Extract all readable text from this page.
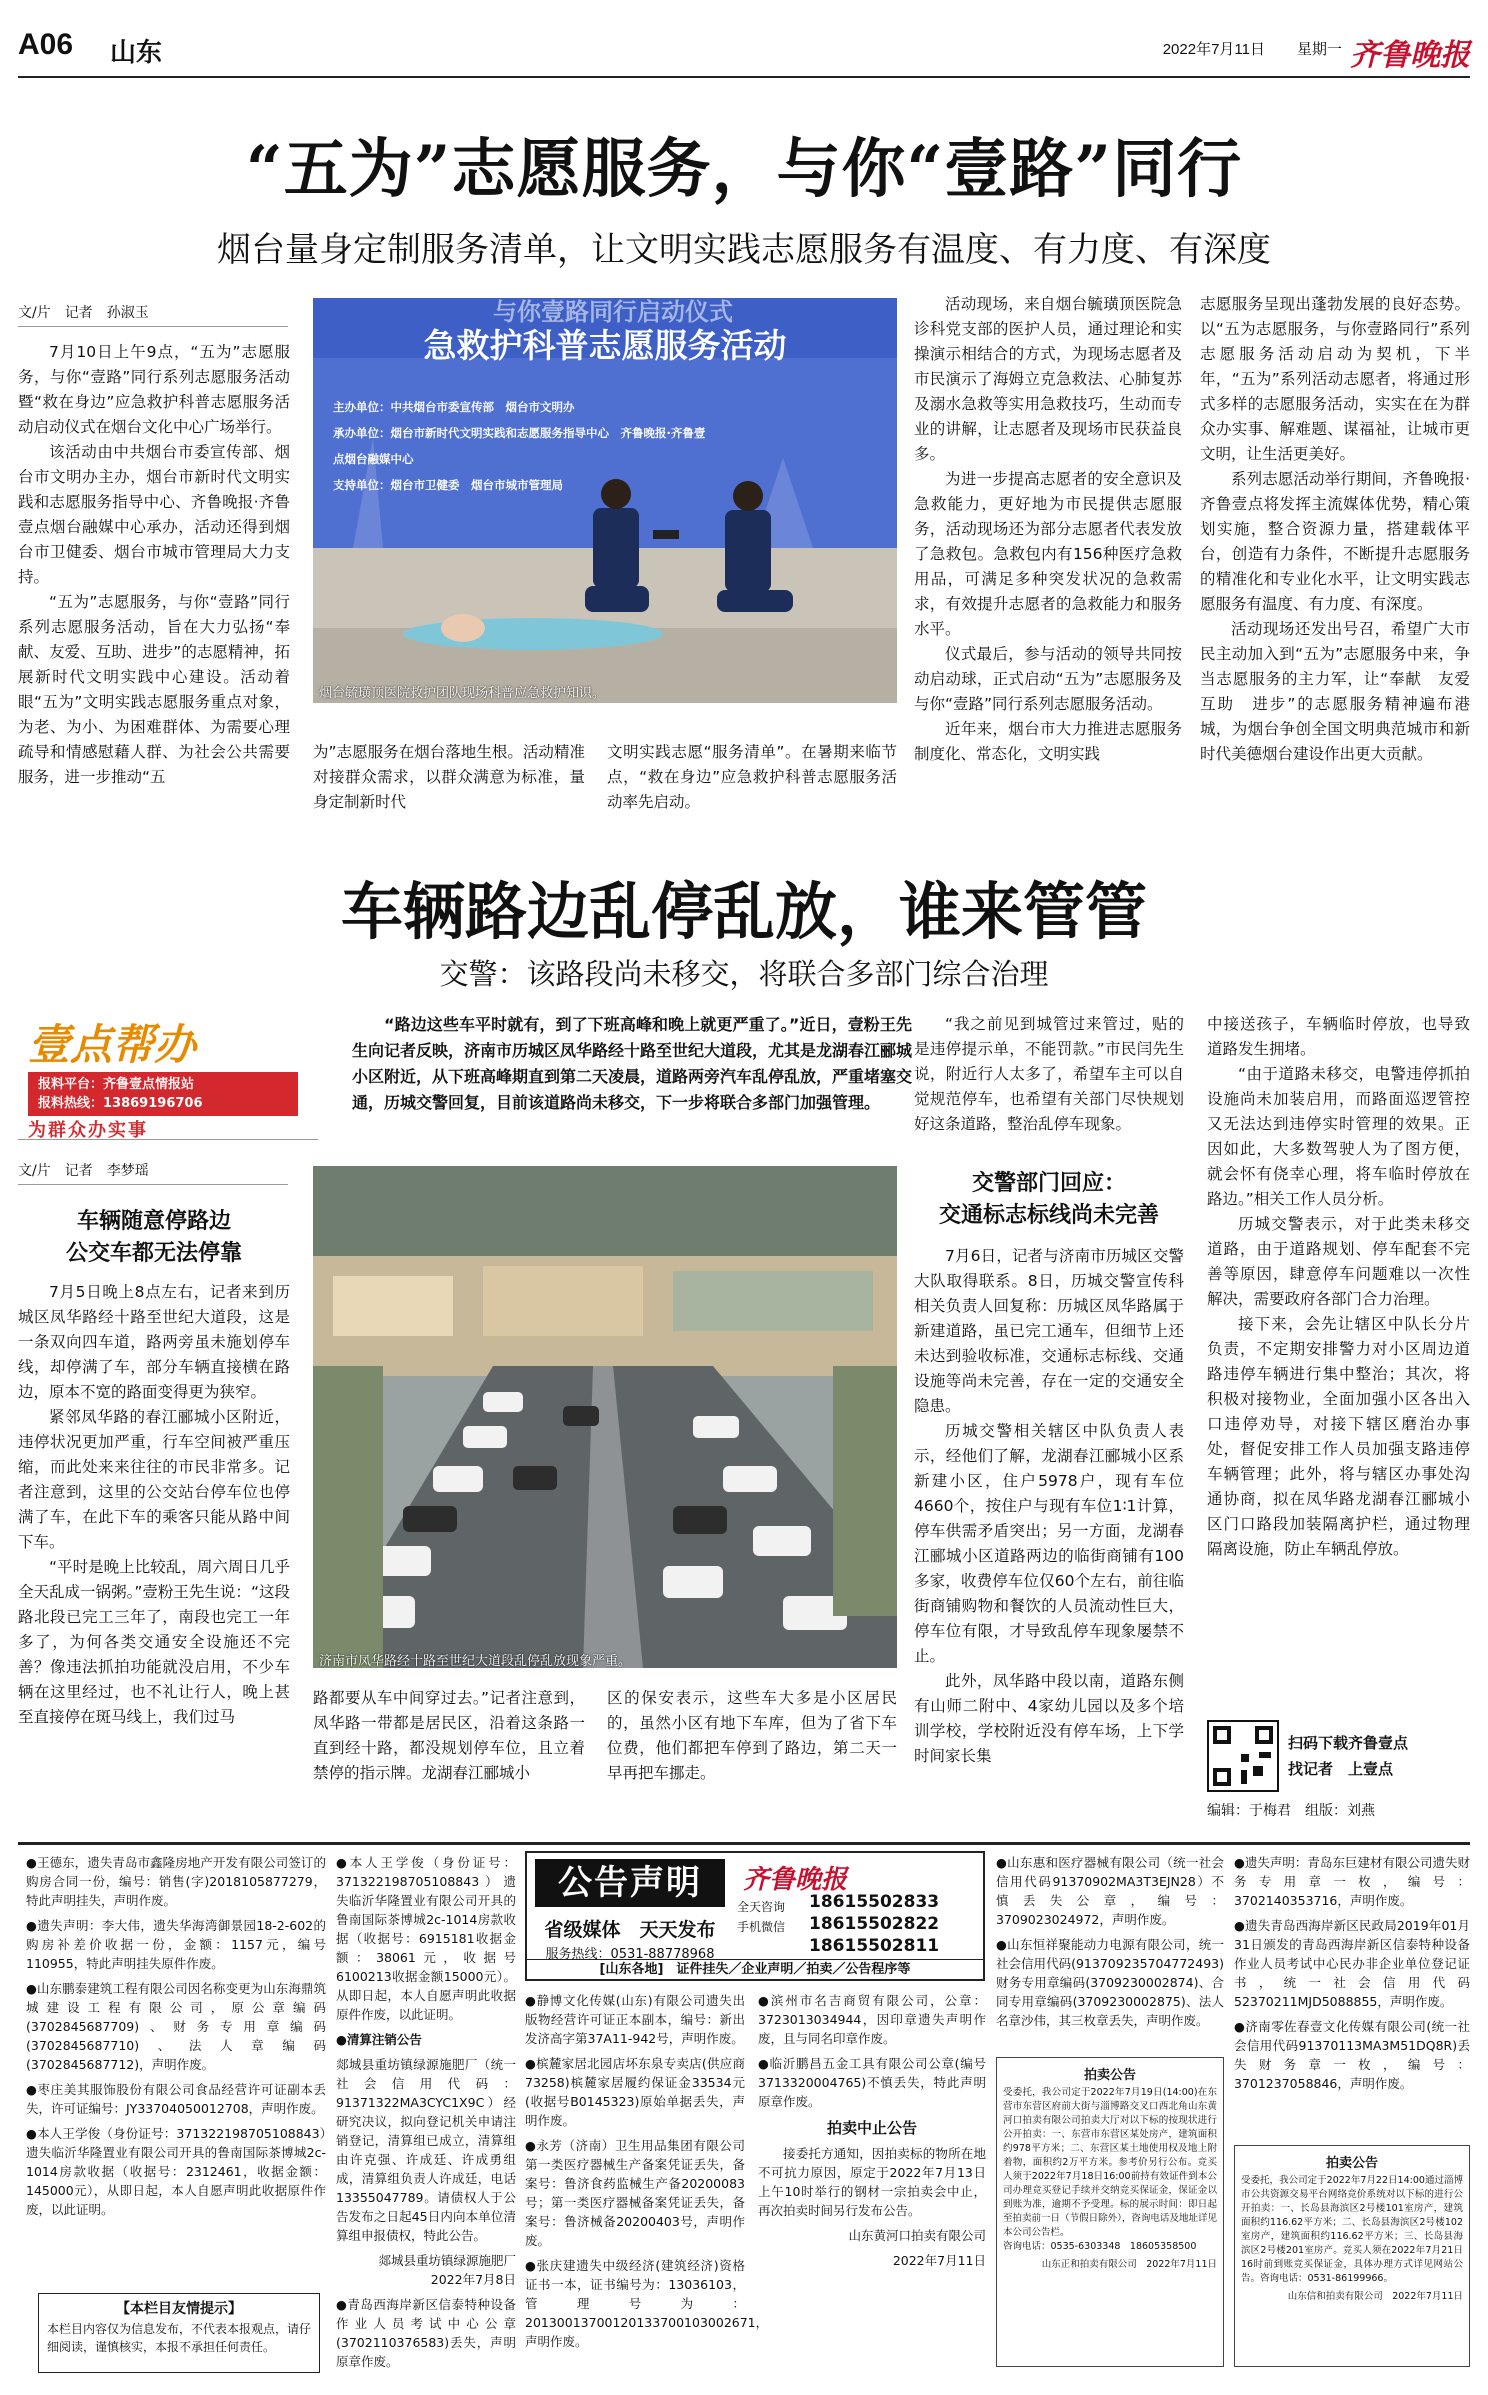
A06 山东	2022年7月11日 星期一 齐鲁晚报
“五为”志愿服务，与你“壹路”同行
烟台量身定制服务清单，让文明实践志愿服务有温度、有力度、有深度
文/片　记者　孙淑玉

7月10日上午9点，“五为”志愿服务，与你“壹路”同行系列志愿服务活动暨“救在身边”应急救护科普志愿服务活动启动仪式在烟台文化中心广场举行。

该活动由中共烟台市委宣传部、烟台市文明办主办，烟台市新时代文明实践和志愿服务指导中心、齐鲁晚报·齐鲁壹点烟台融媒中心承办，活动还得到烟台市卫健委、烟台市城市管理局大力支持。

“五为”志愿服务，与你“壹路”同行系列志愿服务活动，旨在大力弘扬“奉献、友爱、互助、进步”的志愿精神，拓展新时代文明实践中心建设。活动着眼“五为”文明实践志愿服务重点对象，为老、为小、为困难群体、为需要心理疏导和情感慰藉人群、为社会公共需要服务，进一步推动“五

与你壹路同行启动仪式
急救护科普志愿服务活动
主办单位：中共烟台市委宣传部　烟台市文明办
承办单位：烟台市新时代文明实践和志愿服务指导中心　齐鲁晚报·齐鲁壹点烟台融媒中心
支持单位：烟台市卫健委　烟台市城市管理局
烟台毓璜顶医院救护团队现场科普应急救护知识。

为”志愿服务在烟台落地生根。活动精准对接群众需求，以群众满意为标准，量身定制新时代

文明实践志愿“服务清单”。在暑期来临节点，“救在身边”应急救护科普志愿服务活动率先启动。

活动现场，来自烟台毓璜顶医院急诊科党支部的医护人员，通过理论和实操演示相结合的方式，为现场志愿者及市民演示了海姆立克急救法、心肺复苏及溺水急救等实用急救技巧，生动而专业的讲解，让志愿者及现场市民获益良多。

为进一步提高志愿者的安全意识及急救能力，更好地为市民提供志愿服务，活动现场还为部分志愿者代表发放了急救包。急救包内有156种医疗急救用品，可满足多种突发状况的急救需求，有效提升志愿者的急救能力和服务水平。

仪式最后，参与活动的领导共同按动启动球，正式启动“五为”志愿服务及与你“壹路”同行系列志愿服务活动。

近年来，烟台市大力推进志愿服务制度化、常态化，文明实践

志愿服务呈现出蓬勃发展的良好态势。以“五为志愿服务，与你壹路同行”系列志愿服务活动启动为契机，下半年，“五为”系列活动志愿者，将通过形式多样的志愿服务活动，实实在在为群众办实事、解难题、谋福祉，让城市更文明，让生活更美好。

系列志愿活动举行期间，齐鲁晚报·齐鲁壹点将发挥主流媒体优势，精心策划实施，整合资源力量，搭建载体平台，创造有力条件，不断提升志愿服务的精准化和专业化水平，让文明实践志愿服务有温度、有力度、有深度。

活动现场还发出号召，希望广大市民主动加入到“五为”志愿服务中来，争当志愿服务的主力军，让“奉献　友爱　互助　进步”的志愿服务精神遍布港城，为烟台争创全国文明典范城市和新时代美德烟台建设作出更大贡献。

车辆路边乱停乱放，谁来管管
交警：该路段尚未移交，将联合多部门综合治理
壹点帮办
报料平台：齐鲁壹点情报站
报料热线：13869196706
为群众办实事
文/片　记者　李梦瑶
车辆随意停路边
公交车都无法停靠

7月5日晚上8点左右，记者来到历城区凤华路经十路至世纪大道段，这是一条双向四车道，路两旁虽未施划停车线，却停满了车，部分车辆直接横在路边，原本不宽的路面变得更为狭窄。

紧邻凤华路的春江郦城小区附近，违停状况更加严重，行车空间被严重压缩，而此处来来往往的市民非常多。记者注意到，这里的公交站台停车位也停满了车，在此下车的乘客只能从路中间下车。

“平时是晚上比较乱，周六周日几乎全天乱成一锅粥。”壹粉王先生说：“这段路北段已完工三年了，南段也完工一年多了，为何各类交通安全设施还不完善？像违法抓拍功能就没启用，不少车辆在这里经过，也不礼让行人，晚上甚至直接停在斑马线上，我们过马

“路边这些车平时就有，到了下班高峰和晚上就更严重了。”近日，壹粉王先生向记者反映，济南市历城区凤华路经十路至世纪大道段，尤其是龙湖春江郦城小区附近，从下班高峰期直到第二天凌晨，道路两旁汽车乱停乱放，严重堵塞交通，历城交警回复，目前该道路尚未移交，下一步将联合多部门加强管理。
济南市凤华路经十路至世纪大道段乱停乱放现象严重。

路都要从车中间穿过去。”记者注意到，凤华路一带都是居民区，沿着这条路一直到经十路，都没规划停车位，且立着禁停的指示牌。龙湖春江郦城小

区的保安表示，这些车大多是小区居民的，虽然小区有地下车库，但为了省下车位费，他们都把车停到了路边，第二天一早再把车挪走。

“我之前见到城管过来管过，贴的是违停提示单，不能罚款。”市民闫先生说，附近行人太多了，希望车主可以自觉规范停车，也希望有关部门尽快规划好这条道路，整治乱停车现象。

交警部门回应：
交通标志标线尚未完善

7月6日，记者与济南市历城区交警大队取得联系。8日，历城交警宣传科相关负责人回复称：历城区凤华路属于新建道路，虽已完工通车，但细节上还未达到验收标准，交通标志标线、交通设施等尚未完善，存在一定的交通安全隐患。

历城交警相关辖区中队负责人表示，经他们了解，龙湖春江郦城小区系新建小区，住户5978户，现有车位4660个，按住户与现有车位1∶1计算，停车供需矛盾突出；另一方面，龙湖春江郦城小区道路两边的临街商铺有100多家，收费停车位仅60个左右，前往临街商铺购物和餐饮的人员流动性巨大，停车位有限，才导致乱停车现象屡禁不止。

此外，凤华路中段以南，道路东侧有山师二附中、4家幼儿园以及多个培训学校，学校附近没有停车场，上下学时间家长集

中接送孩子，车辆临时停放，也导致道路发生拥堵。

“由于道路未移交，电警违停抓拍设施尚未加装启用，而路面巡逻管控又无法达到违停实时管理的效果。正因如此，大多数驾驶人为了图方便，就会怀有侥幸心理，将车临时停放在路边。”相关工作人员分析。

历城交警表示，对于此类未移交道路，由于道路规划、停车配套不完善等原因，肆意停车问题难以一次性解决，需要政府各部门合力治理。

接下来，会先让辖区中队长分片负责，不定期安排警力对小区周边道路违停车辆进行集中整治；其次，将积极对接物业，全面加强小区各出入口违停劝导，对接下辖区磨治办事处，督促安排工作人员加强支路违停车辆管理；此外，将与辖区办事处沟通协商，拟在凤华路龙湖春江郦城小区门口路段加装隔离护栏，通过物理隔离设施，防止车辆乱停放。

扫码下载齐鲁壹点
找记者　上壹点
编辑：于梅君　组版：刘燕

●王德东，遗失青岛市鑫隆房地产开发有限公司签订的购房合同一份，编号：销售(字)2018105877279，特此声明挂失，声明作废。

●遗失声明：李大伟，遗失华海湾御景园18-2-602的购房补差价收据一份，金额：1157元，编号110955，特此声明挂失原件作废。

●山东鹏泰建筑工程有限公司因名称变更为山东海鼎筑城建设工程有限公司，原公章编码(3702845687709)、财务专用章编码(3702845687710)、法人章编码(3702845687712)，声明作废。

●枣庄美其服饰股份有限公司食品经营许可证副本丢失，许可证编号：JY33704050012708，声明作废。

●本人王学俊（身份证号：371322198705108843）遗失临沂华隆置业有限公司开具的鲁南国际茶博城2c-1014房款收据（收据号：2312461，收据金额：145000元），从即日起，本人自愿声明此收据原件作废，以此证明。

【本栏目友情提示】
本栏目内容仅为信息发布，不代表本报观点，请仔细阅读，谨慎核实，本报不承担任何责任。

●本人王学俊（身份证号：371322198705108843）遗失临沂华隆置业有限公司开具的鲁南国际茶博城2c-1014房款收据（收据号：6915181收据金额：38061元，收据号6100213收据金额15000元）。从即日起，本人自愿声明此收据原件作废，以此证明。

●清算注销公告

郯城县重坊镇绿源施肥厂（统一社会信用代码：91371322MA3CYC1X9C）经研究决议，拟向登记机关申请注销登记，清算组已成立，清算组由许克强、许成廷、许成勇组成，清算组负责人许成廷，电话13355047789。请债权人于公告发布之日起45日内向本单位清算组申报债权，特此公告。

郯城县重坊镇绿源施肥厂　2022年7月8日

●青岛西海岸新区信泰特种设备作业人员考试中心公章(3702110376583)丢失，声明原章作废。

公告声明	齐鲁晚报
省级媒体　天天发布
服务热线：0531-88778968
全天咨询
手机微信
18615502833
18615502822
18615502811
[山东各地]　证件挂失／企业声明／拍卖／公告程序等

●静博文化传媒(山东)有限公司遗失出版物经营许可证正本副本，编号：新出发济高字第37A11-942号，声明作废。

●槟麓家居北园店坏东泉专卖店(供应商73258)槟麓家居履约保证金33534元(收据号B0145323)原始单据丢失，声明作废。

●永芳（济南）卫生用品集团有限公司第一类医疗器械生产备案凭证丢失，备案号：鲁济食药监械生产备20200083号；第一类医疗器械备案凭证丢失，备案号：鲁济械备20200403号，声明作废。

●张庆建遗失中级经济(建筑经济)资格证书一本，证书编号为：13036103，管理号为：20130013700120133700103002671，声明作废。

●滨州市名吉商贸有限公司，公章：3723013034944，因印章遗失声明作废，且与同名印章作废。

●临沂鹏昌五金工具有限公司公章(编号3713320004765)不慎丢失，特此声明原章作废。

拍卖中止公告

接委托方通知，因拍卖标的物所在地不可抗力原因，原定于2022年7月13日上午10时举行的钢材一宗拍卖会中止，再次拍卖时间另行发布公告。

山东黄河口拍卖有限公司

2022年7月11日

●山东惠和医疗器械有限公司（统一社会信用代码91370902MA3T3EJN28）不慎丢失公章，编号：3709023024972，声明作废。

●山东恒祥聚能动力电源有限公司，统一社会信用代码(913709235704772493)财务专用章编码(3709230002874)、合同专用章编码(3709230002875)、法人名章沙伟，其三枚章丢失，声明作废。

拍卖公告
受委托，我公司定于2022年7月19日(14:00)在东营市东营区府前大街与淄博路交叉口西北角山东黄河口拍卖有限公司拍卖大厅对以下标的按现状进行公开拍卖：一、东营市东营区某处房产，建筑面积约978平方米；二、东营区某土地使用权及地上附着物，面积约2万平方米。参考价另行公布。竞买人须于2022年7月18日16:00前持有效证件到本公司办理竞买登记手续并交纳竞买保证金，保证金以到账为准，逾期不予受理。标的展示时间：即日起至拍卖前一日（节假日除外），咨询电话及地址详见本公司公告栏。
咨询电话：0535-6303348　18605358500
山东正和拍卖有限公司　2022年7月11日

●遗失声明：青岛东巨建材有限公司遗失财务专用章一枚，编号：3702140353716，声明作废。

●遗失青岛西海岸新区民政局2019年01月31日颁发的青岛西海岸新区信泰特种设备作业人员考试中心民办非企业单位登记证书，统一社会信用代码52370211MJD5088855，声明作废。

●济南零佐春壹文化传媒有限公司(统一社会信用代码91370113MA3M51DQ8R)丢失财务章一枚，编号：3701237058846，声明作废。

拍卖公告
受委托，我公司定于2022年7月22日14:00通过淄博市公共资源交易平台网络竞价系统对以下标的进行公开拍卖：一、长岛县海滨区2号楼101室房产，建筑面积约116.62平方米；二、长岛县海滨区2号楼102室房产，建筑面积约116.62平方米；三、长岛县海滨区2号楼201室房产。竞买人须在2022年7月21日16时前到账竞买保证金，具体办理方式详见网站公告。咨询电话：0531-86199966。
山东信和拍卖有限公司　2022年7月11日
